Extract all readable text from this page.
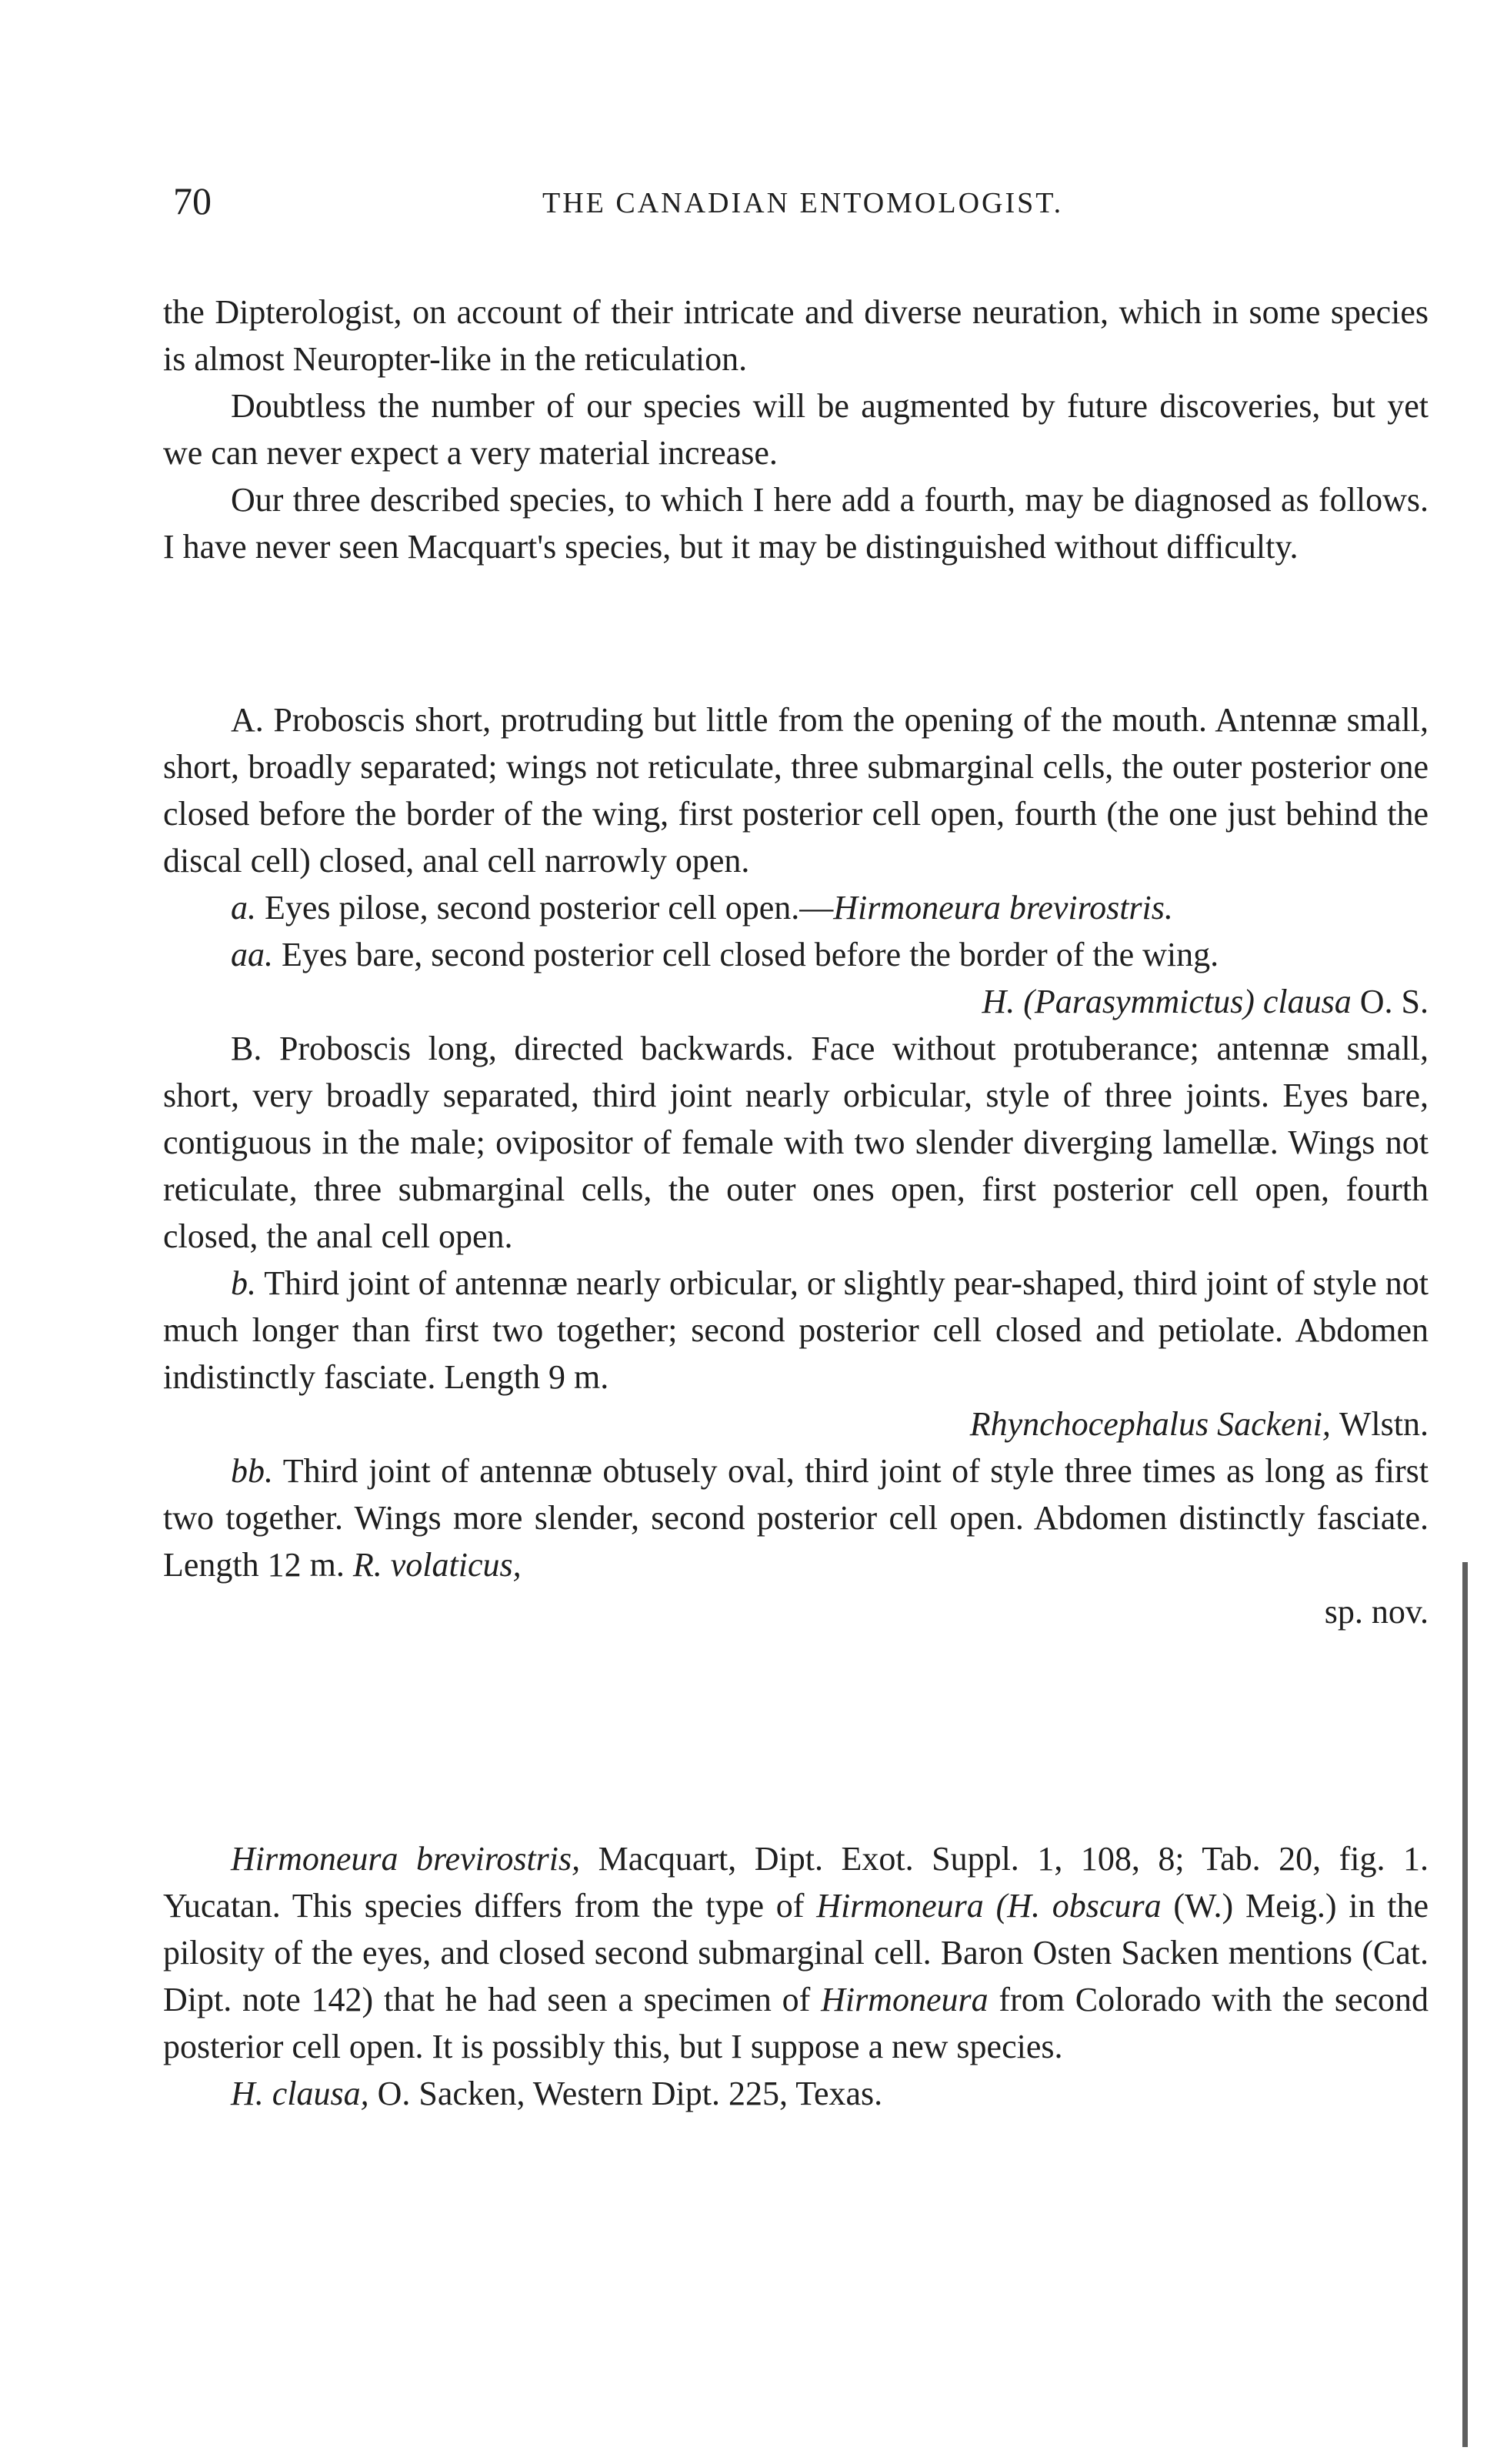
70	THE CANADIAN ENTOMOLOGIST.

the Dipterologist, on account of their intricate and diverse neuration, which in some species is almost Neuropter-like in the reticulation.

Doubtless the number of our species will be augmented by future discoveries, but yet we can never expect a very material increase.

Our three described species, to which I here add a fourth, may be diagnosed as follows. I have never seen Macquart's species, but it may be distinguished without difficulty.

A. Proboscis short, protruding but little from the opening of the mouth. Antennæ small, short, broadly separated; wings not reticulate, three submarginal cells, the outer posterior one closed before the border of the wing, first posterior cell open, fourth (the one just behind the discal cell) closed, anal cell narrowly open.

a. Eyes pilose, second posterior cell open.—Hirmoneura brevirostris.

aa. Eyes bare, second posterior cell closed before the border of the wing.

H. (Parasymmictus) clausa O. S.

B. Proboscis long, directed backwards. Face without protuberance; antennæ small, short, very broadly separated, third joint nearly orbicular, style of three joints. Eyes bare, contiguous in the male; ovipositor of female with two slender diverging lamellæ. Wings not reticulate, three submarginal cells, the outer ones open, first posterior cell open, fourth closed, the anal cell open.

b. Third joint of antennæ nearly orbicular, or slightly pear-shaped, third joint of style not much longer than first two together; second posterior cell closed and petiolate. Abdomen indistinctly fasciate. Length 9 m.

Rhynchocephalus Sackeni, Wlstn.

bb. Third joint of antennæ obtusely oval, third joint of style three times as long as first two together. Wings more slender, second posterior cell open. Abdomen distinctly fasciate. Length 12 m. R. volaticus,

sp. nov.

Hirmoneura brevirostris, Macquart, Dipt. Exot. Suppl. 1, 108, 8; Tab. 20, fig. 1. Yucatan. This species differs from the type of Hirmoneura (H. obscura (W.) Meig.) in the pilosity of the eyes, and closed second submarginal cell. Baron Osten Sacken mentions (Cat. Dipt. note 142) that he had seen a specimen of Hirmoneura from Colorado with the second posterior cell open. It is possibly this, but I suppose a new species.

H. clausa, O. Sacken, Western Dipt. 225, Texas.
